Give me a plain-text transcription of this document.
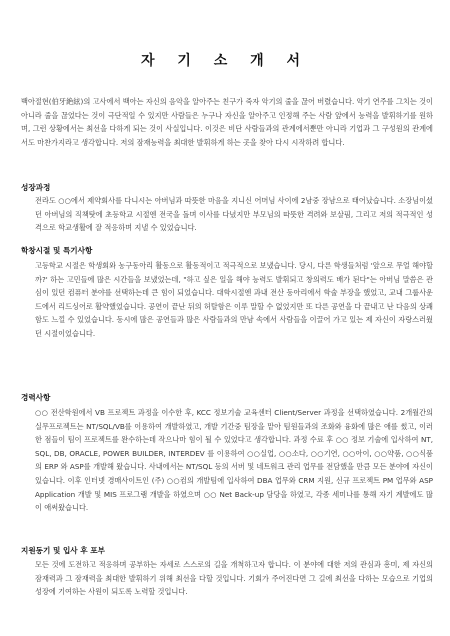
자 기 소 개 서

백아절현(伯牙絶絃)의 고사에서 백아는 자신의 음악을 알아주는 친구가 죽자 악기의 줄을 끊어 버렸습니다. 악기 연주를 그치는 것이 아니라 줄을 끊었다는 것이 극단적일 수 있지만 사람들은 누구나 자신을 알아주고 인정해 주는 사람 앞에서 능력을 발휘하기를 원하며, 그런 상황에서는 최선을 다하게 되는 것이 사실입니다. 이것은 비단 사람들과의 관계에서뿐만 아니라 기업과 그 구성원의 관계에서도 마찬가지라고 생각합니다. 저의 잠재능력을 최대한 발휘하게 하는 곳을 찾아 다시 시작하려 합니다.

성장과정

전라도 ○○에서 제약회사를 다니시는 아버님과 따뜻한 마음을 지니신 어머님 사이에 2남중 장남으로 태어났습니다. 소장님이셨던 아버님의 직책탓에 초등학교 시절엔 전국을 돌며 이사를 다녔지만 부모님의 따뜻한 격려와 보살핌, 그리고 저의 적극적인 성격으로 학교생활에 잘 적응하며 지낼 수 있었습니다.

학창시절 및 특기사항

고등학교 시절은 학생회와 농구동아리 활동으로 활동적이고 적극적으로 보냈습니다. 당시, 다른 학생들처럼 '앞으로 무얼 해야할까?' 하는 고민들에 많은 시간들을 보냈었는데, "하고 싶은 일을 해야 능력도 발휘되고 창의력도 배가 된다"는 아버님 말씀은 관심이 있던 컴퓨터 분야를 선택하는데 큰 힘이 되었습니다. 대학시절엔 과내 전산 동아리에서 학술 부장을 했었고, 교내 그룹사운드에서 리드싱어로 활약했었습니다. 공연이 끝난 뒤의 허탈함은 이루 말할 수 없었지만 또 다른 공연을 다 끝내고 난 다음의 상쾌함도 느낄 수 있었습니다. 동시에 많은 공연들과 많은 사람들과의 만남 속에서 사람들을 이끌어 가고 있는 제 자신이 자랑스러웠던 시절이었습니다.

경력사항

○○ 전산학원에서 VB 프로젝트 과정을 이수한 후, KCC 정보기술 교육센터 Client/Server 과정을 선택하였습니다. 2개월간의 실무프로젝트는 NT/SQL/VB를 이용하여 개발하였고, 개발 기간중 팀장을 맡아 팀원들과의 조화와 융화에 많은 애를 썼고, 이러한 점들이 팀이 프로젝트를 완수하는데 작으나마 힘이 될 수 있었다고 생각합니다. 과정 수료 후 ○○ 정보 기술에 입사하여 NT, SQL, DB, ORACLE, POWER BUILDER, INTERDEV 를 이용하여 ○○실업, ○○소다, ○○기연, ○○아이, ○○약품, ○○식품의 ERP 와 ASP를 개발해 왔습니다. 사내에서는 NT/SQL 등의 서버 및 네트워크 관리 업무를 전담했을 만큼 모든 분야에 자신이 있습니다. 이후 인터넷 경매사이트인 (주) ○○컴의 개발팀에 입사하여 DBA 업무와 CRM 지원, 신규 프로젝트 PM 업무와 ASP Application 개발 및 MIS 프로그램 개발을 하였으며 ○○ Net Back-up 담당을 하였고, 각종 세미나를 통해 자기 계발에도 많이 애써왔습니다.

지원동기 및 입사 후 포부

모든 것에 도전하고 적응하며 공부하는 자세로 스스로의 길을 개척하고자 합니다. 이 분야에 대한 저의 관심과 흥미, 제 자신의 잠재력과 그 잠재력을 최대한 발휘하기 위해 최선을 다할 것입니다. 기회가 주어진다면 그 길에 최선을 다하는 모습으로 기업의 성장에 기여하는 사원이 되도록 노력할 것입니다.
